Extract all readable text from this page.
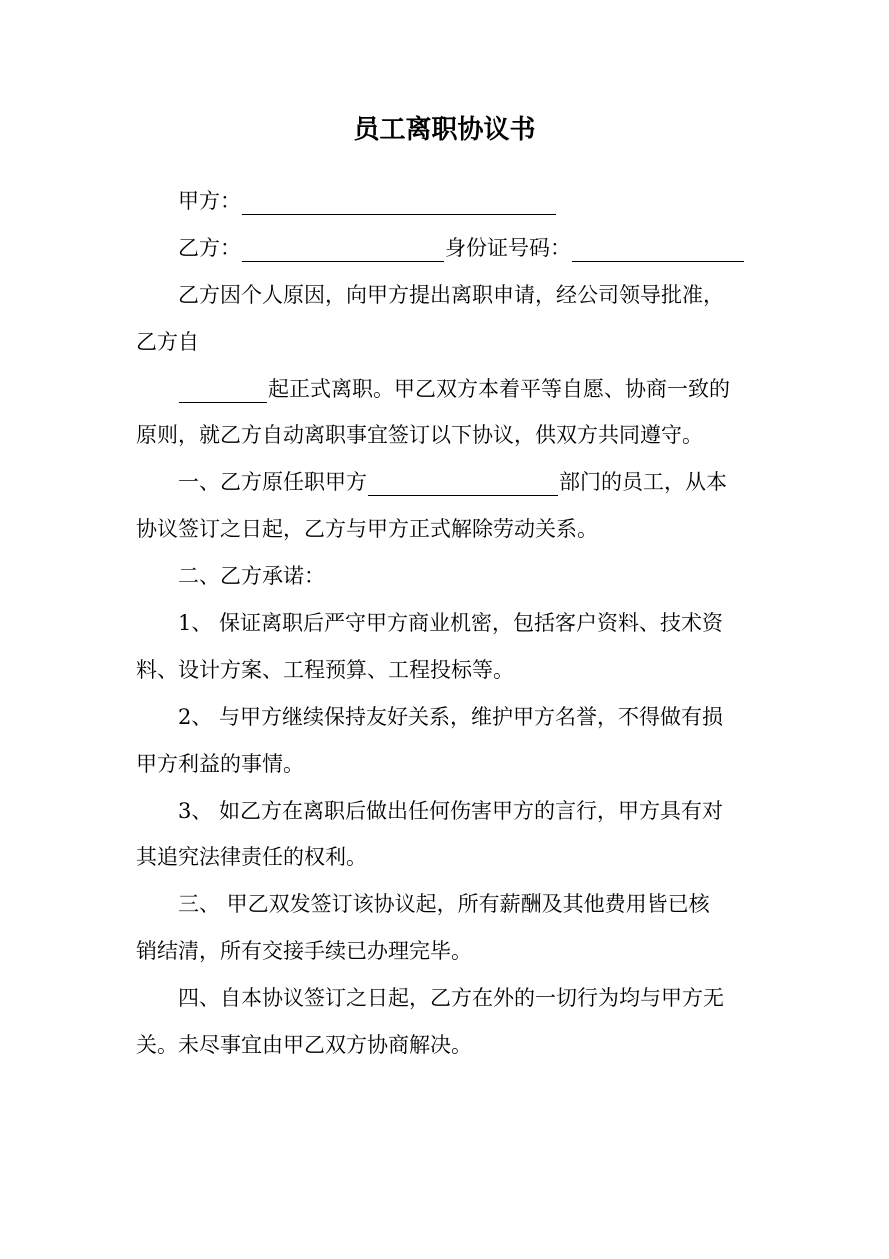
员工离职协议书
甲方：
乙方：	身份证号码：
乙方因个人原因，向甲方提出离职申请，经公司领导批准，
乙方自
起正式离职。甲乙双方本着平等自愿、协商一致的
原则，就乙方自动离职事宜签订以下协议，供双方共同遵守。
一、乙方原任职甲方	部门的员工，从本
协议签订之日起，乙方与甲方正式解除劳动关系。
二、乙方承诺：
1、 保证离职后严守甲方商业机密，包括客户资料、技术资
料、设计方案、工程预算、工程投标等。
2、 与甲方继续保持友好关系，维护甲方名誉，不得做有损
甲方利益的事情。
3、 如乙方在离职后做出任何伤害甲方的言行，甲方具有对
其追究法律责任的权利。
三、 甲乙双发签订该协议起，所有薪酬及其他费用皆已核
销结清，所有交接手续已办理完毕。
四、自本协议签订之日起，乙方在外的一切行为均与甲方无
关。未尽事宜由甲乙双方协商解决。
